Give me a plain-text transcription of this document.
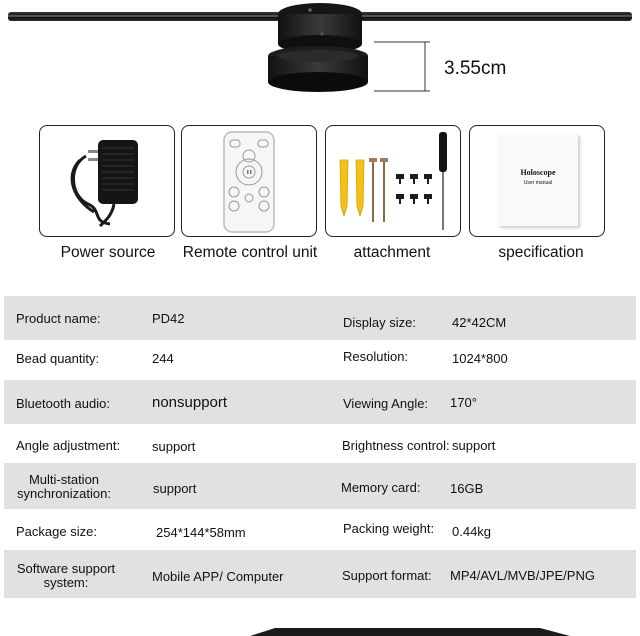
3.55cm
Power source	Remote control unit	attachment
Holoscope
User manual
specification
Product name:	PD42	Display size:	42*42CM
Bead quantity:	244	Resolution:	1024*800
Bluetooth audio:	nonsupport	Viewing Angle: 170°
Angle adjustment: support	Brightness control: support
Multi-station
synchronization:	support	Memory card: 16GB
Package size:	254*144*58mm	Packing weight: 0.44kg
Software support
system:	Mobile APP/ Computer	Support format: MP4/AVL/MVB/JPE/PNG
